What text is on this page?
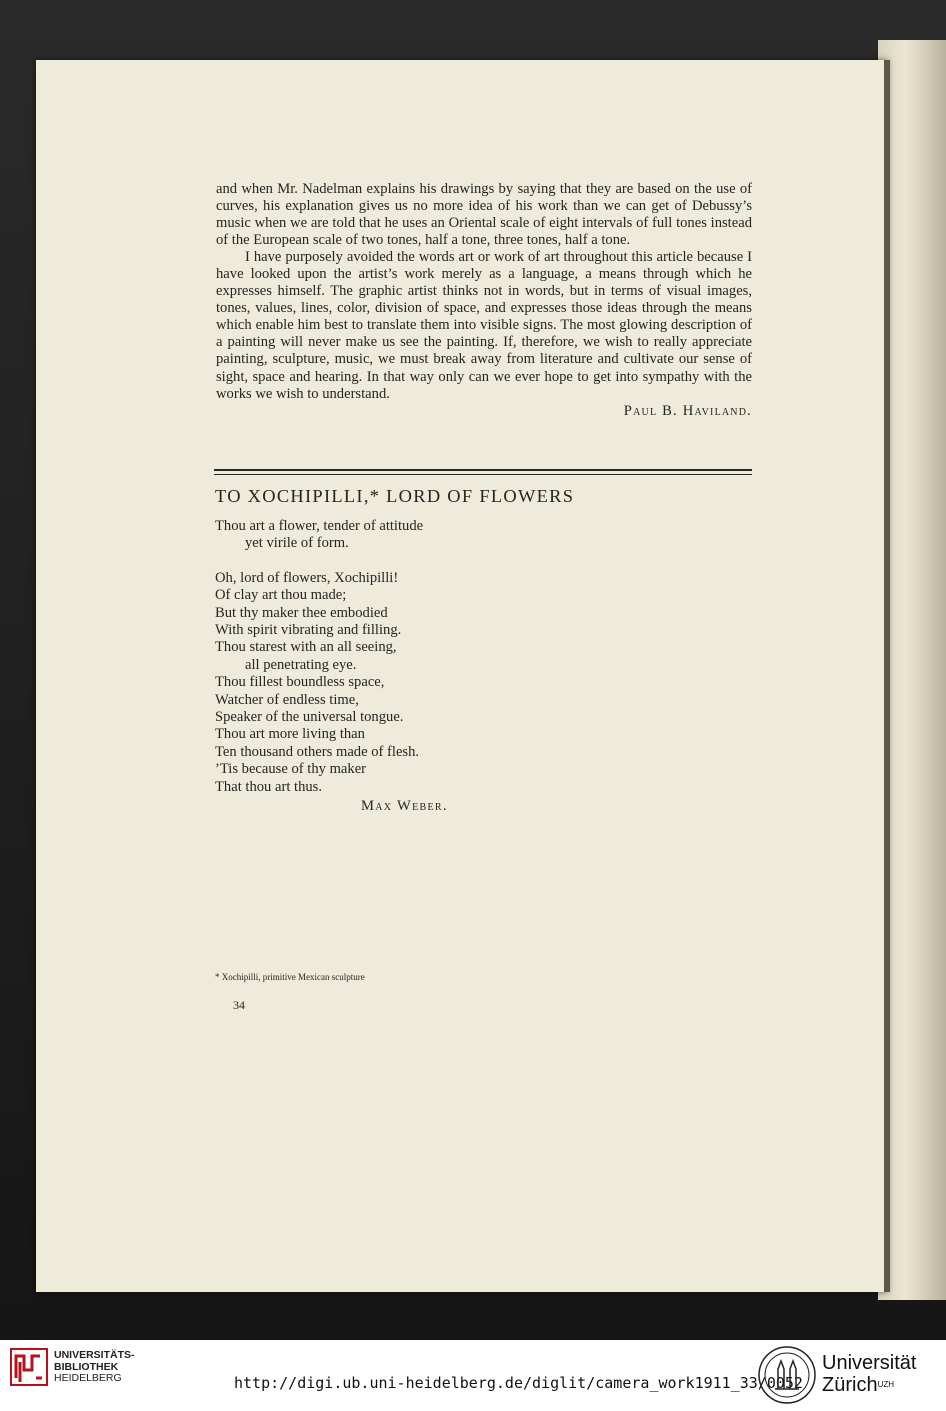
and when Mr. Nadelman explains his drawings by saying that they are based on the use of curves, his explanation gives us no more idea of his work than we can get of Debussy’s music when we are told that he uses an Oriental scale of eight intervals of full tones instead of the European scale of two tones, half a tone, three tones, half a tone.

I have purposely avoided the words art or work of art throughout this article because I have looked upon the artist’s work merely as a language, a means through which he expresses himself. The graphic artist thinks not in words, but in terms of visual images, tones, values, lines, color, division of space, and expresses those ideas through the means which enable him best to translate them into visible signs. The most glowing description of a painting will never make us see the painting. If, therefore, we wish to really appreciate painting, sculpture, music, we must break away from literature and cultivate our sense of sight, space and hearing. In that way only can we ever hope to get into sympathy with the works we wish to understand.

Paul B. Haviland.

TO XOCHIPILLI,* LORD OF FLOWERS
Thou art a flower, tender of attitude
yet virile of form.
Oh, lord of flowers, Xochipilli!
Of clay art thou made;
But thy maker thee embodied
With spirit vibrating and filling.
Thou starest with an all seeing,
all penetrating eye.
Thou fillest boundless space,
Watcher of endless time,
Speaker of the universal tongue.
Thou art more living than
Ten thousand others made of flesh.
’Tis because of thy maker
That thou art thus.
Max Weber.
* Xochipilli, primitive Mexican sculpture
34
UNIVERSITÄTS-
BIBLIOTHEK
HEIDELBERG	http://digi.ub.uni-heidelberg.de/diglit/camera_work1911_33/0052
Universität
Zürich$^{UZH}$
